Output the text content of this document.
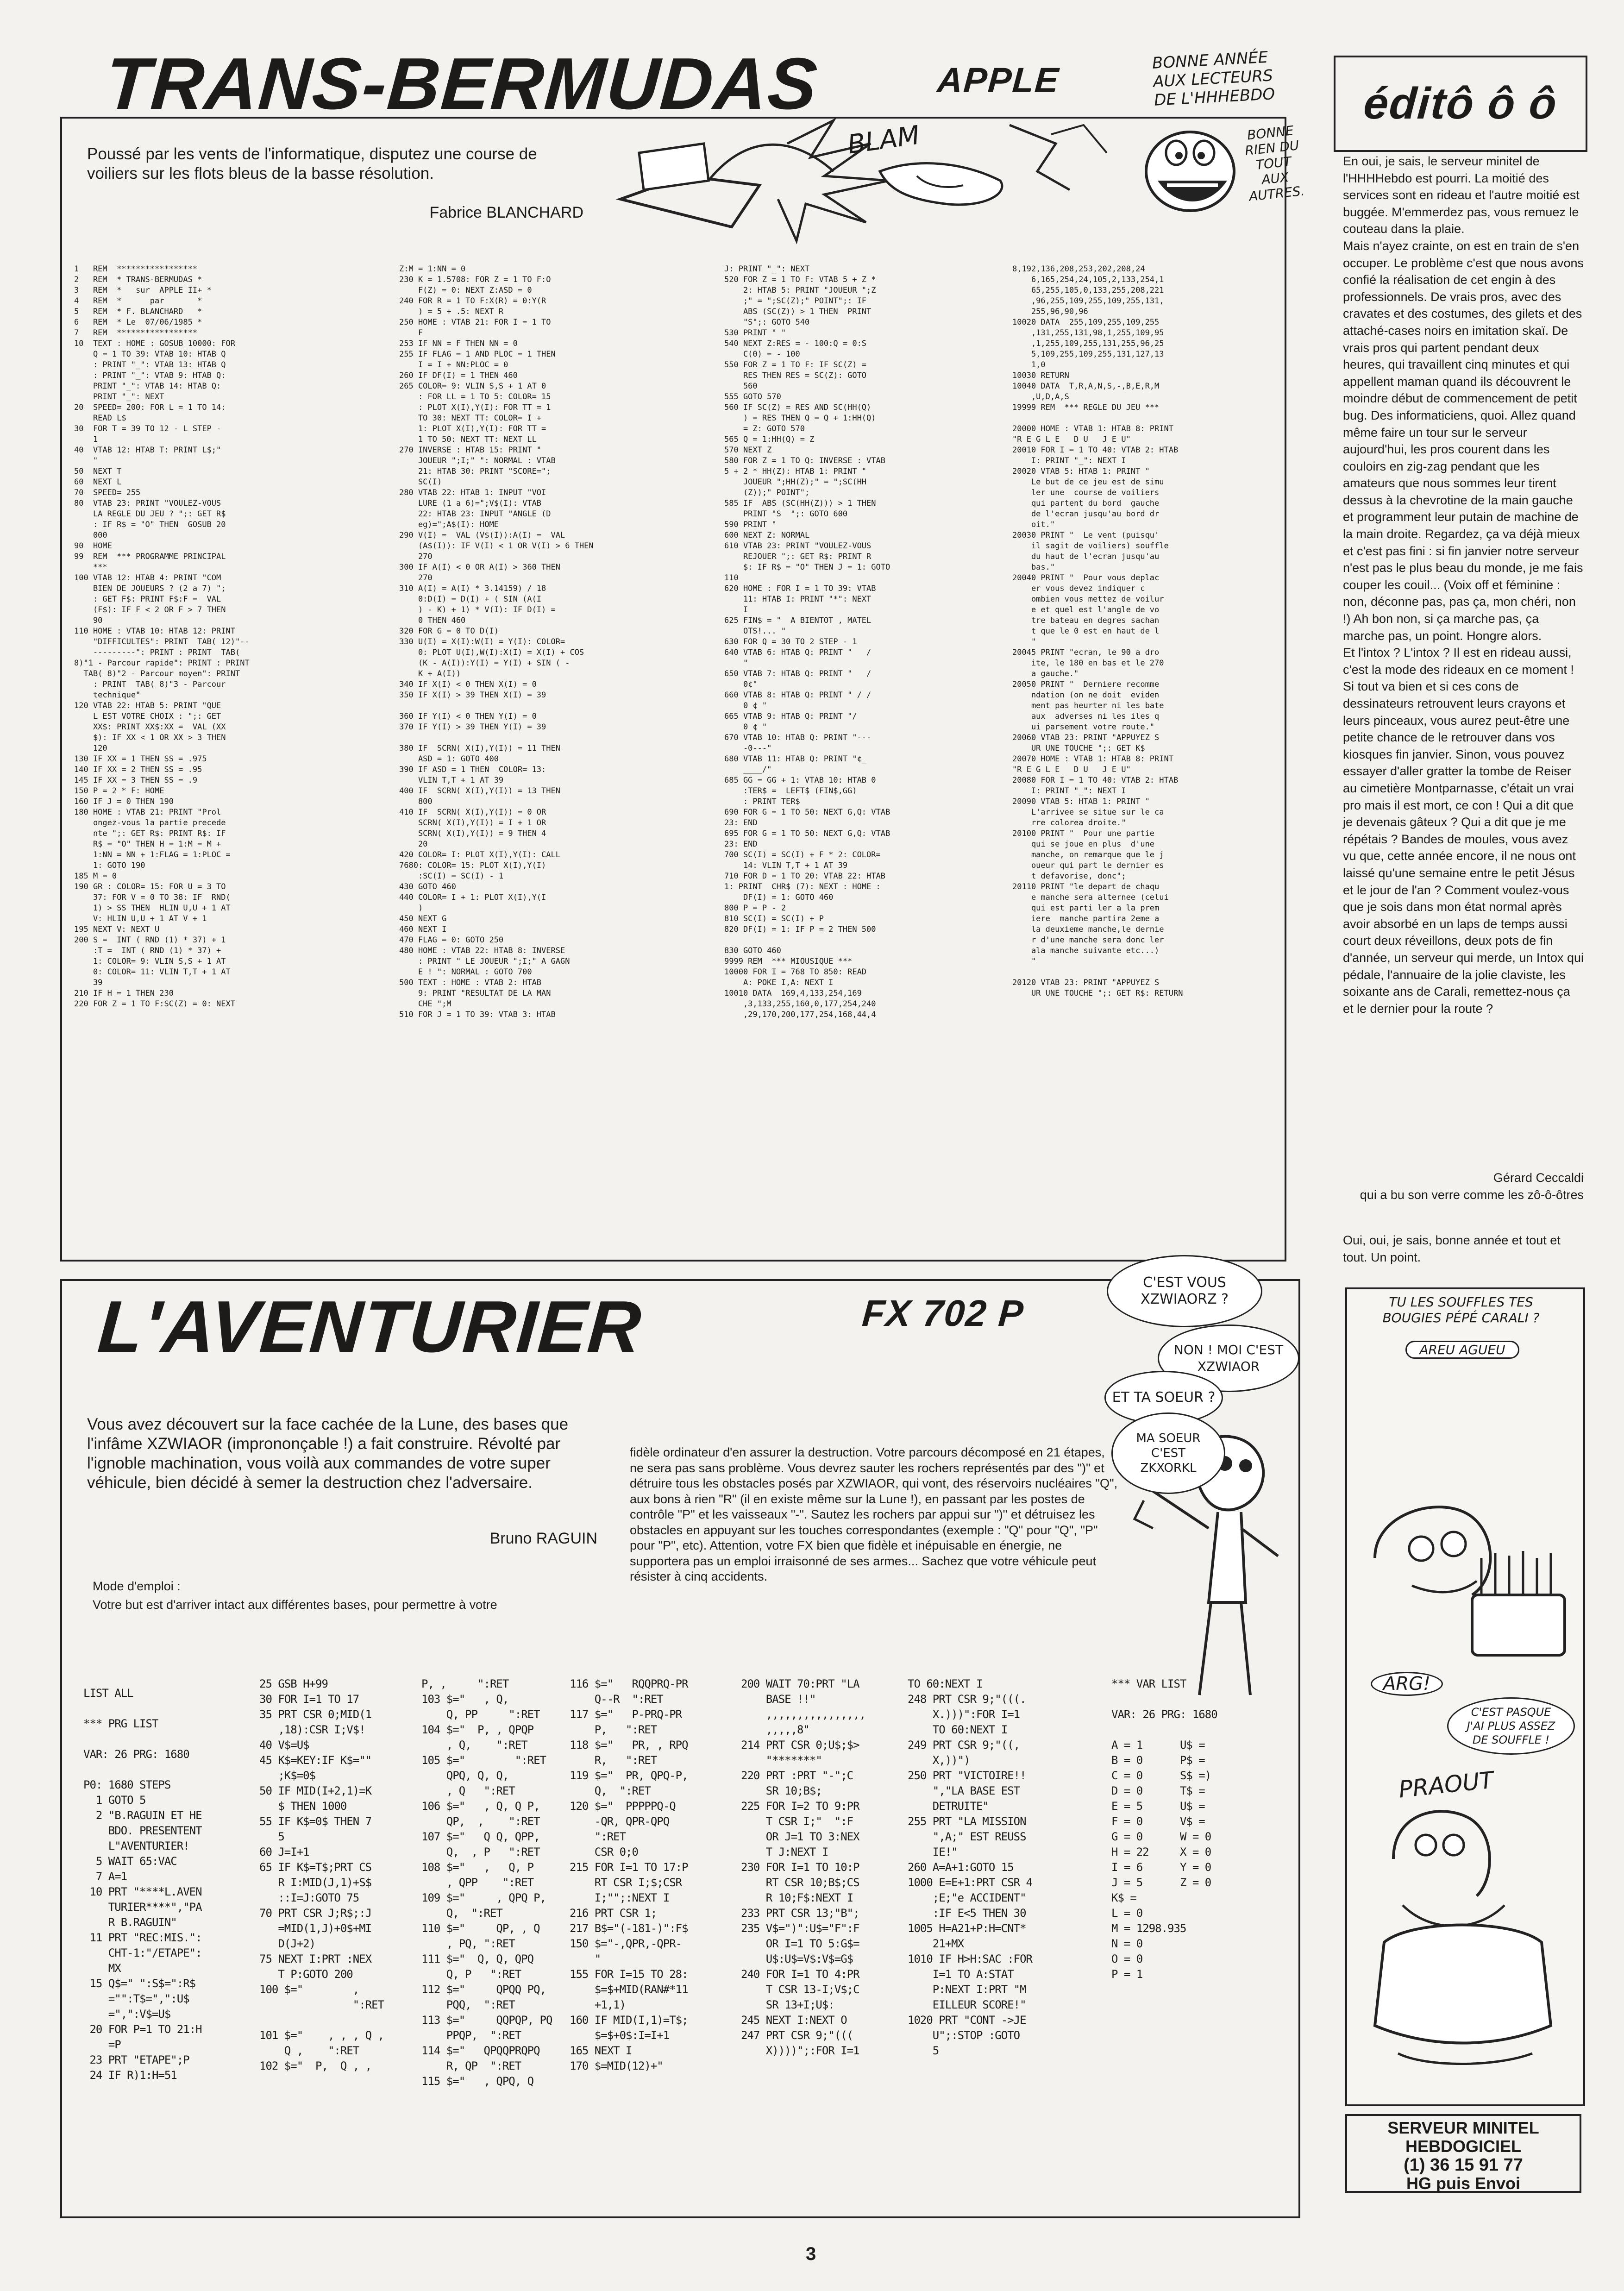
TRANS-BERMUDAS	APPLE
Poussé par les vents de l'informatique, disputez une course de voiliers sur les flots bleus de la basse résolution.
Fabrice BLANCHARD
BLAM
BONNE ANNÉE
AUX LECTEURS
DE L'HHHEBDO
BONNE
RIEN DU
TOUT
AUX
AUTRES.
1   REM  *****************
2   REM  * TRANS-BERMUDAS *
3   REM  *   sur  APPLE II+ *
4   REM  *      par       *
5   REM  * F. BLANCHARD   *
6   REM  * Le  07/06/1985 *
7   REM  *****************
10  TEXT : HOME : GOSUB 10000: FOR
Q = 1 TO 39: VTAB 10: HTAB Q
: PRINT "_": VTAB 13: HTAB Q
: PRINT "_": VTAB 9: HTAB Q:
PRINT "_": VTAB 14: HTAB Q:
PRINT "_": NEXT
20  SPEED= 200: FOR L = 1 TO 14:
READ L$
30  FOR T = 39 TO 12 - L STEP -
1
40  VTAB 12: HTAB T: PRINT L$;"
"
50  NEXT T
60  NEXT L
70  SPEED= 255
80  VTAB 23: PRINT "VOULEZ-VOUS
LA REGLE DU JEU ? ";: GET R$
: IF R$ = "O" THEN  GOSUB 20
000
90  HOME
99  REM  *** PROGRAMME PRINCIPAL
***
100 VTAB 12: HTAB 4: PRINT "COM
BIEN DE JOUEURS ? (2 a 7) ";
: GET F$: PRINT F$:F =  VAL
(F$): IF F < 2 OR F > 7 THEN
90
110 HOME : VTAB 10: HTAB 12: PRINT
"DIFFICULTES": PRINT  TAB( 12)"--
---------": PRINT : PRINT  TAB(
8)"1 - Parcour rapide": PRINT : PRINT
TAB( 8)"2 - Parcour moyen": PRINT
: PRINT  TAB( 8)"3 - Parcour
technique"
120 VTAB 22: HTAB 5: PRINT "QUE
L EST VOTRE CHOIX : ";: GET
XX$: PRINT XX$:XX =  VAL (XX
$): IF XX < 1 OR XX > 3 THEN
120
130 IF XX = 1 THEN SS = .975
140 IF XX = 2 THEN SS = .95
145 IF XX = 3 THEN SS = .9
150 P = 2 * F: HOME
160 IF J = 0 THEN 190
180 HOME : VTAB 21: PRINT "Prol
ongez-vous la partie precede
nte ";: GET R$: PRINT R$: IF
R$ = "O" THEN H = 1:M = M +
1:NN = NN + 1:FLAG = 1:PLOC =
1: GOTO 190
185 M = 0
190 GR : COLOR= 15: FOR U = 3 TO
37: FOR V = 0 TO 38: IF  RND(
1) > SS THEN  HLIN U,U + 1 AT
V: HLIN U,U + 1 AT V + 1
195 NEXT V: NEXT U
200 S =  INT ( RND (1) * 37) + 1
:T =  INT ( RND (1) * 37) +
1: COLOR= 9: VLIN S,S + 1 AT
0: COLOR= 11: VLIN T,T + 1 AT
39
210 IF H = 1 THEN 230
220 FOR Z = 1 TO F:SC(Z) = 0: NEXT
Z:M = 1:NN = 0
230 K = 1.5708: FOR Z = 1 TO F:O
F(Z) = 0: NEXT Z:ASD = 0
240 FOR R = 1 TO F:X(R) = 0:Y(R
) = 5 + .5: NEXT R
250 HOME : VTAB 21: FOR I = 1 TO
F
253 IF NN = F THEN NN = 0
255 IF FLAG = 1 AND PLOC = 1 THEN
I = I + NN:PLOC = 0
260 IF DF(I) = 1 THEN 460
265 COLOR= 9: VLIN S,S + 1 AT 0
: FOR LL = 1 TO 5: COLOR= 15
: PLOT X(I),Y(I): FOR TT = 1
TO 30: NEXT TT: COLOR= I +
1: PLOT X(I),Y(I): FOR TT =
1 TO 50: NEXT TT: NEXT LL
270 INVERSE : HTAB 15: PRINT "
JOUEUR ";I;" ": NORMAL : VTAB
21: HTAB 30: PRINT "SCORE=";
SC(I)
280 VTAB 22: HTAB 1: INPUT "VOI
LURE (1 a 6)=";V$(I): VTAB
22: HTAB 23: INPUT "ANGLE (D
eg)=";A$(I): HOME
290 V(I) =  VAL (V$(I)):A(I) =  VAL
(A$(I)): IF V(I) < 1 OR V(I) > 6 THEN
270
300 IF A(I) < 0 OR A(I) > 360 THEN
270
310 A(I) = A(I) * 3.14159) / 18
0:D(I) = D(I) + ( SIN (A(I
) - K) + 1) * V(I): IF D(I) =
0 THEN 460
320 FOR G = 0 TO D(I)
330 U(I) = X(I):W(I) = Y(I): COLOR=
0: PLOT U(I),W(I):X(I) = X(I) + COS
(K - A(I)):Y(I) = Y(I) + SIN ( -
K + A(I))
340 IF X(I) < 0 THEN X(I) = 0
350 IF X(I) > 39 THEN X(I) = 39

360 IF Y(I) < 0 THEN Y(I) = 0
370 IF Y(I) > 39 THEN Y(I) = 39

380 IF  SCRN( X(I),Y(I)) = 11 THEN
ASD = 1: GOTO 400
390 IF ASD = 1 THEN  COLOR= 13:
VLIN T,T + 1 AT 39
400 IF  SCRN( X(I),Y(I)) = 13 THEN
800
410 IF  SCRN( X(I),Y(I)) = 0 OR
SCRN( X(I),Y(I)) = I + 1 OR
SCRN( X(I),Y(I)) = 9 THEN 4
20
420 COLOR= I: PLOT X(I),Y(I): CALL
7680: COLOR= 15: PLOT X(I),Y(I)
:SC(I) = SC(I) - 1
430 GOTO 460
440 COLOR= I + 1: PLOT X(I),Y(I
)
450 NEXT G
460 NEXT I
470 FLAG = 0: GOTO 250
480 HOME : VTAB 22: HTAB 8: INVERSE
: PRINT " LE JOUEUR ";I;" A GAGN
E ! ": NORMAL : GOTO 700
500 TEXT : HOME : VTAB 2: HTAB
9: PRINT "RESULTAT DE LA MAN
CHE ";M
510 FOR J = 1 TO 39: VTAB 3: HTAB
J: PRINT "_": NEXT
520 FOR Z = 1 TO F: VTAB 5 + Z *
2: HTAB 5: PRINT "JOUEUR ";Z
;" = ";SC(Z);" POINT";: IF
ABS (SC(Z)) > 1 THEN  PRINT
"S";: GOTO 540
530 PRINT " "
540 NEXT Z:RES = - 100:Q = 0:S
C(0) = - 100
550 FOR Z = 1 TO F: IF SC(Z) =
RES THEN RES = SC(Z): GOTO
560
555 GOTO 570
560 IF SC(Z) = RES AND SC(HH(Q)
) = RES THEN Q = Q + 1:HH(Q)
= Z: GOTO 570
565 Q = 1:HH(Q) = Z
570 NEXT Z
580 FOR Z = 1 TO Q: INVERSE : VTAB
5 + 2 * HH(Z): HTAB 1: PRINT "
JOUEUR ";HH(Z);" = ";SC(HH
(Z));" POINT";
585 IF  ABS (SC(HH(Z))) > 1 THEN
PRINT "S  ";: GOTO 600
590 PRINT "
600 NEXT Z: NORMAL
610 VTAB 23: PRINT "VOULEZ-VOUS
REJOUER ";: GET R$: PRINT R
$: IF R$ = "O" THEN J = 1: GOTO
110
620 HOME : FOR I = 1 TO 39: VTAB
11: HTAB I: PRINT "*": NEXT
I
625 FIN$ = "  A BIENTOT , MATEL
OTS!... "
630 FOR Q = 30 TO 2 STEP - 1
640 VTAB 6: HTAB Q: PRINT "   /
"
650 VTAB 7: HTAB Q: PRINT "   /
0¢"
660 VTAB 8: HTAB Q: PRINT " / /
0 ¢ "
665 VTAB 9: HTAB Q: PRINT "/
0 ¢ "
670 VTAB 10: HTAB Q: PRINT "---
-0---"
680 VTAB 11: HTAB Q: PRINT "¢_
____/"
685 GG = GG + 1: VTAB 10: HTAB 0
:TER$ =  LEFT$ (FIN$,GG)
: PRINT TER$
690 FOR G = 1 TO 50: NEXT G,Q: VTAB
23: END
695 FOR G = 1 TO 50: NEXT G,Q: VTAB
23: END
700 SC(I) = SC(I) + F * 2: COLOR=
14: VLIN T,T + 1 AT 39
710 FOR D = 1 TO 20: VTAB 22: HTAB
1: PRINT  CHR$ (7): NEXT : HOME :
DF(I) = 1: GOTO 460
800 P = P - 2
810 SC(I) = SC(I) + P
820 DF(I) = 1: IF P = 2 THEN 500

830 GOTO 460
9999 REM  *** MIOUSIQUE ***
10000 FOR I = 768 TO 850: READ
A: POKE I,A: NEXT I
10010 DATA  169,4,133,254,169
,3,133,255,160,0,177,254,240
,29,170,200,177,254,168,44,4
8,192,136,208,253,202,208,24
6,165,254,24,105,2,133,254,1
65,255,105,0,133,255,208,221
,96,255,109,255,109,255,131,
255,96,90,96
10020 DATA  255,109,255,109,255
,131,255,131,98,1,255,109,95
,1,255,109,255,131,255,96,25
5,109,255,109,255,131,127,13
1,0
10030 RETURN
10040 DATA  T,R,A,N,S,-,B,E,R,M
,U,D,A,S
19999 REM  *** REGLE DU JEU ***

20000 HOME : VTAB 1: HTAB 8: PRINT
"R E G L E   D U   J E U"
20010 FOR I = 1 TO 40: VTAB 2: HTAB
I: PRINT "_": NEXT I
20020 VTAB 5: HTAB 1: PRINT "
Le but de ce jeu est de simu
ler une  course de voiliers
qui partent du bord  gauche
de l'ecran jusqu'au bord dr
oit."
20030 PRINT "  Le vent (puisqu'
il sagit de voiliers) souffle
du haut de l'ecran jusqu'au
bas."
20040 PRINT "  Pour vous deplac
er vous devez indiquer c
ombien vous mettez de voilur
e et quel est l'angle de vo
tre bateau en degres sachan
t que le 0 est en haut de l
"
20045 PRINT "ecran, le 90 a dro
ite, le 180 en bas et le 270
a gauche."
20050 PRINT "  Derniere recomme
ndation (on ne doit  eviden
ment pas heurter ni les bate
aux  adverses ni les iles q
ui parsement votre route."
20060 VTAB 23: PRINT "APPUYEZ S
UR UNE TOUCHE ";: GET K$
20070 HOME : VTAB 1: HTAB 8: PRINT
"R E G L E   D U   J E U"
20080 FOR I = 1 TO 40: VTAB 2: HTAB
I: PRINT "_": NEXT I
20090 VTAB 5: HTAB 1: PRINT "
L'arrivee se situe sur le ca
rre colorea droite."
20100 PRINT "  Pour une partie
qui se joue en plus  d'une
manche, on remarque que le j
oueur qui part le dernier es
t defavorise, donc";
20110 PRINT "le depart de chaqu
e manche sera alternee (celui
qui est parti ler a la prem
iere  manche partira 2eme a
la deuxieme manche,le dernie
r d'une manche sera donc ler
ala manche suivante etc...)
"

20120 VTAB 23: PRINT "APPUYEZ S
UR UNE TOUCHE ";: GET R$: RETURN
éditô ô ô
En oui, je sais, le serveur minitel de l'HHHHebdo est pourri. La moitié des services sont en rideau et l'autre moitié est buggée. M'emmerdez pas, vous remuez le couteau dans la plaie.
Mais n'ayez crainte, on est en train de s'en occuper. Le problème c'est que nous avons confié la réalisation de cet engin à des professionnels. De vrais pros, avec des cravates et des costumes, des gilets et des attaché-cases noirs en imitation skaï. De vrais pros qui partent pendant deux heures, qui travaillent cinq minutes et qui appellent maman quand ils découvrent le moindre début de commencement de petit bug. Des informaticiens, quoi. Allez quand même faire un tour sur le serveur aujourd'hui, les pros courent dans les couloirs en zig-zag pendant que les amateurs que nous sommes leur tirent dessus à la chevrotine de la main gauche et programment leur putain de machine de la main droite. Regardez, ça va déjà mieux et c'est pas fini : si fin janvier notre serveur n'est pas le plus beau du monde, je me fais couper les couil... (Voix off et féminine : non, déconne pas, pas ça, mon chéri, non !) Ah bon non, si ça marche pas, ça marche pas, un point. Hongre alors.
Et l'intox ? L'intox ? Il est en rideau aussi, c'est la mode des rideaux en ce moment ! Si tout va bien et si ces cons de dessinateurs retrouvent leurs crayons et leurs pinceaux, vous aurez peut-être une petite chance de le retrouver dans vos kiosques fin janvier. Sinon, vous pouvez essayer d'aller gratter la tombe de Reiser au cimetière Montparnasse, c'était un vrai pro mais il est mort, ce con ! Qui a dit que je devenais gâteux ? Qui a dit que je me répétais ? Bandes de moules, vous avez vu que, cette année encore, il ne nous ont laissé qu'une semaine entre le petit Jésus et le jour de l'an ? Comment voulez-vous que je sois dans mon état normal après avoir absorbé en un laps de temps aussi court deux réveillons, deux pots de fin d'année, un serveur qui merde, un Intox qui pédale, l'annuaire de la jolie claviste, les soixante ans de Carali, remettez-nous ça et le dernier pour la route ?
Gérard Ceccaldi
qui a bu son verre comme les zô-ô-ôtres
Oui, oui, je sais, bonne année et tout et tout. Un point.
TU LES SOUFFLES TES
BOUGIES PÉPÉ CARALI ?
AREU AGUEU
ARG!
C'EST PASQUE
J'AI PLUS ASSEZ
DE SOUFFLE !
PRAOUT
SERVEUR MINITEL
HEBDOGICIEL
(1) 36 15 91 77
HG puis Envoi
L'AVENTURIER	FX 702 P
Vous avez découvert sur la face cachée de la Lune, des bases que l'infâme XZWIAOR (imprononçable !) a fait construire. Révolté par l'ignoble machination, vous voilà aux commandes de votre super véhicule, bien décidé à semer la destruction chez l'adversaire.
Bruno RAGUIN
Mode d'emploi :
Votre but est d'arriver intact aux différentes bases, pour permettre à votre
fidèle ordinateur d'en assurer la destruction. Votre parcours décomposé en 21 étapes, ne sera pas sans problème. Vous devrez sauter les rochers représentés par des ")" et détruire tous les obstacles posés par XZWIAOR, qui vont, des réservoirs nucléaires "Q", aux bons à rien "R" (il en existe même sur la Lune !), en passant par les postes de contrôle "P" et les vaisseaux "-". Sautez les rochers par appui sur ")" et détruisez les obstacles en appuyant sur les touches correspondantes (exemple : "Q" pour "Q", "P" pour "P", etc). Attention, votre FX bien que fidèle et inépuisable en énergie, ne supportera pas un emploi irraisonné de ses armes... Sachez que votre véhicule peut résister à cinq accidents.
C'EST VOUS
XZWIAORZ ?
NON ! MOI C'EST
XZWIAOR
ET TA SOEUR ?
MA SOEUR
C'EST
ZKXORKL
LIST ALL

*** PRG LIST

VAR: 26 PRG: 1680

P0: 1680 STEPS
1 GOTO 5
2 "B.RAGUIN ET HE
BDO. PRESENTENT
L"AVENTURIER!
5 WAIT 65:VAC
7 A=1
10 PRT "****L.AVEN
TURIER****","PA
R B.RAGUIN"
11 PRT "REC:MIS.":
CHT-1:"/ETAPE":
MX
15 Q$=" ":S$=":R$
="":T$=",":U$
=",":V$=U$
20 FOR P=1 TO 21:H
=P
23 PRT "ETAPE";P
24 IF R)1:H=51
25 GSB H+99
30 FOR I=1 TO 17
35 PRT CSR 0;MID(1
,18):CSR I;V$!
40 V$=U$
45 K$=KEY:IF K$=""
;K$=0$
50 IF MID(I+2,1)=K
$ THEN 1000
55 IF K$=0$ THEN 7
5
60 J=I+1
65 IF K$=T$;PRT CS
R I:MID(J,1)+S$
::I=J:GOTO 75
70 PRT CSR J;R$;:J
=MID(1,J)+0$+MI
D(J+2)
75 NEXT I:PRT :NEX
T P:GOTO 200
100 $="        ,
":RET

101 $="    , , , Q ,
Q ,    ":RET
102 $="  P,  Q , ,
P, ,     ":RET
103 $="   , Q,
Q, PP     ":RET
104 $="  P, , QPQP
, Q,    ":RET
105 $="        ":RET
QPQ, Q, Q,
, Q   ":RET
106 $="   , Q, Q P,
QP,  ,    ":RET
107 $="   Q Q, QPP,
Q,  , P   ":RET
108 $="   ,   Q, P
, QPP    ":RET
109 $="     , QPQ P,
Q,  ":RET
110 $="     QP, , Q
, PQ, ":RET
111 $="  Q, Q, QPQ
Q, P   ":RET
112 $="     QPQQ PQ,
PQQ,  ":RET
113 $="     QQPQP, PQ
PPQP,  ":RET
114 $="   QPQQPRQPQ
R, QP  ":RET
115 $="   , QPQ, Q
116 $="   RQQPRQ-PR
Q--R  ":RET
117 $="   P-PRQ-PR
P,   ":RET
118 $="   PR, , RPQ
R,   ":RET
119 $="  PR, QPQ-P,
Q,  ":RET
120 $="  PPPPPQ-Q
-QR, QPR-QPQ
":RET
CSR 0;0
215 FOR I=1 TO 17:P
RT CSR I;$;CSR
I;"";:NEXT I
216 PRT CSR 1;
217 B$="(-181-)":F$
150 $="-,QPR,-QPR-
"
155 FOR I=15 TO 28:
$=$+MID(RAN#*11
+1,1)
160 IF MID(I,1)=T$;
$=$+0$:I=I+1
165 NEXT I
170 $=MID(12)+"
200 WAIT 70:PRT "LA
BASE !!"
,,,,,,,,,,,,,,,,
,,,,,8"
214 PRT CSR 0;U$;$>
"*******"
220 PRT :PRT "-";C
SR 10;B$;
225 FOR I=2 TO 9:PR
T CSR I;"  ":F
OR J=1 TO 3:NEX
T J:NEXT I
230 FOR I=1 TO 10:P
RT CSR 10;B$;CS
R 10;F$:NEXT I
233 PRT CSR 13;"B";
235 V$=")":U$="F":F
OR I=1 TO 5:G$=
U$:U$=V$:V$=G$
240 FOR I=1 TO 4:PR
T CSR 13-I;V$;C
SR 13+I;U$:
245 NEXT I:NEXT O
247 PRT CSR 9;"(((
X))))";:FOR I=1
TO 60:NEXT I
248 PRT CSR 9;"(((.
X.)))":FOR I=1
TO 60:NEXT I
249 PRT CSR 9;"((,
X,))")
250 PRT "VICTOIRE!!
","LA BASE EST
DETRUITE"
255 PRT "LA MISSION
",A;" EST REUSS
IE!"
260 A=A+1:GOTO 15
1000 E=E+1:PRT CSR 4
;E;"e ACCIDENT"
:IF E<5 THEN 30
1005 H=A21+P:H=CNT*
21+MX
1010 IF H>H:SAC :FOR
I=1 TO A:STAT
P:NEXT I:PRT "M
EILLEUR SCORE!"
1020 PRT "CONT ->JE
U";:STOP :GOTO
5
*** VAR LIST

VAR: 26 PRG: 1680

A = 1      U$ =
B = 0      P$ =
C = 0      S$ =)
D = 0      T$ =
E = 5      U$ =
F = 0      V$ =
G = 0      W = 0
H = 22     X = 0
I = 6      Y = 0
J = 5      Z = 0
K$ =
L = 0
M = 1298.935
N = 0
O = 0
P = 1
3
